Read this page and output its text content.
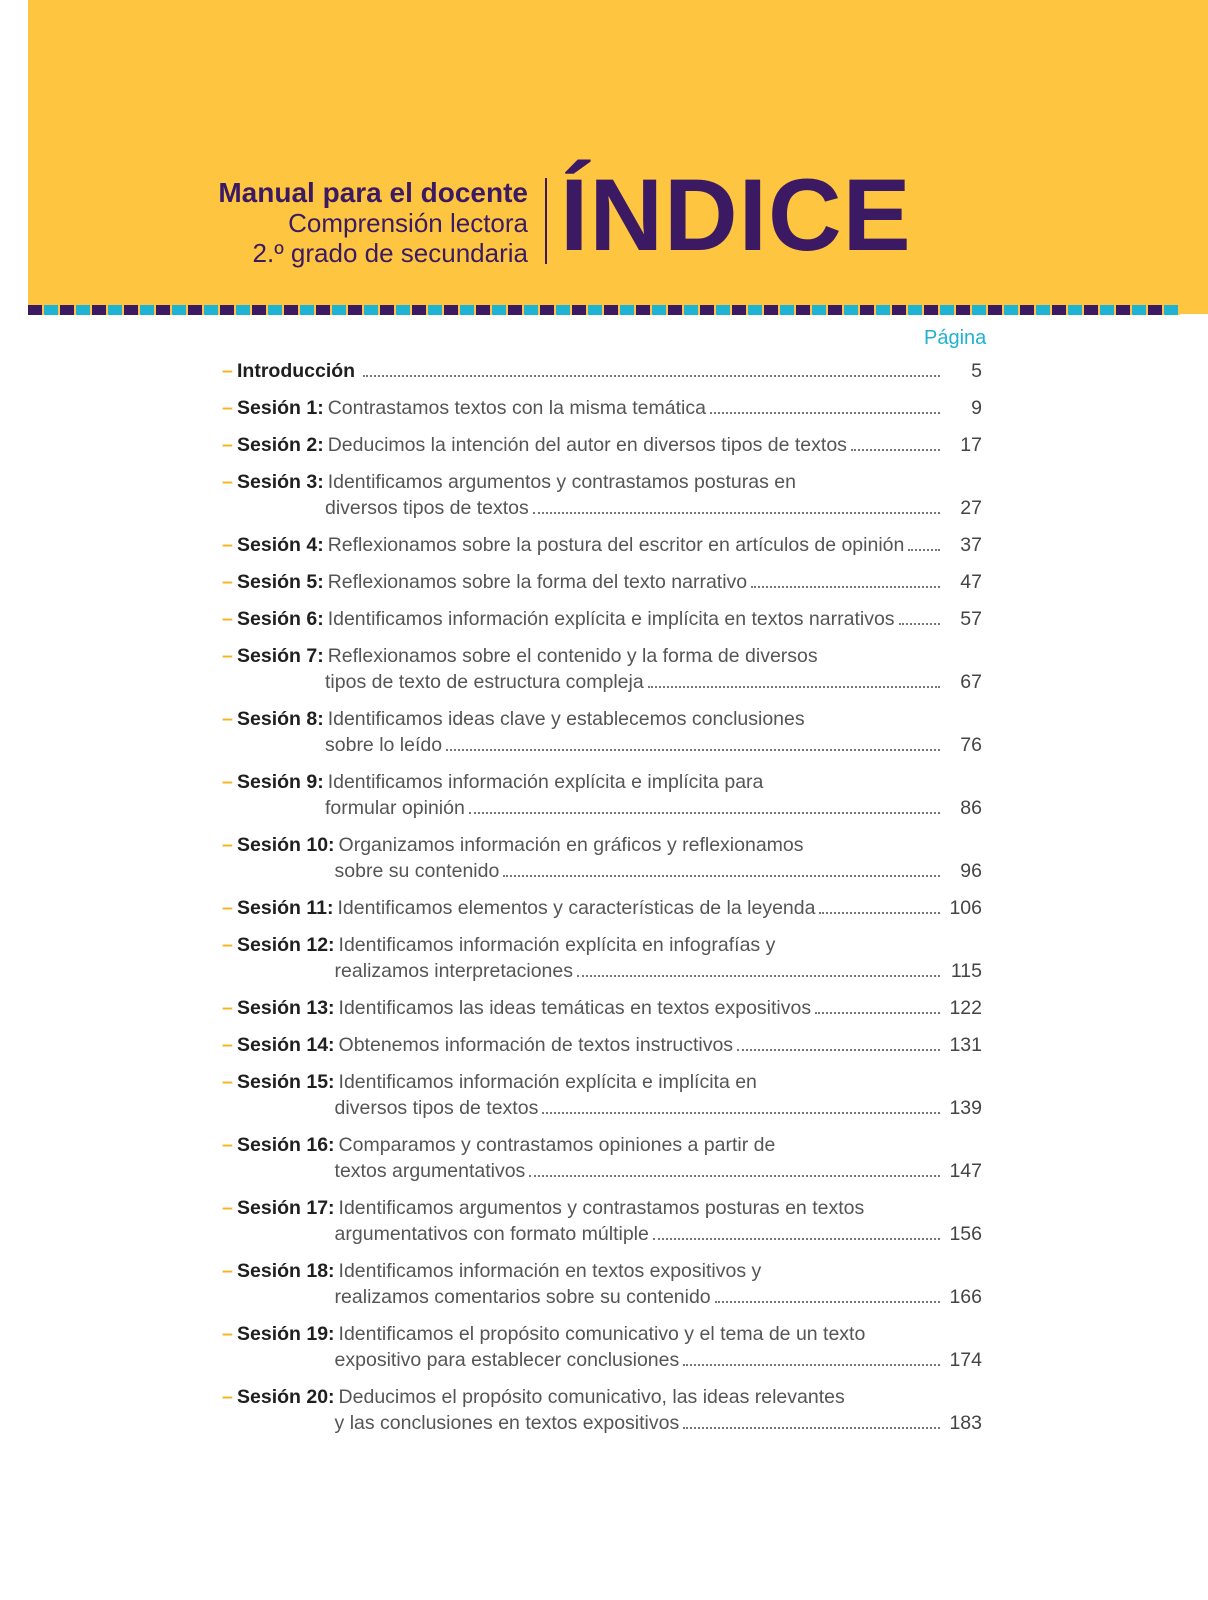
Manual para el docente
Comprensión lectora
2.º grado de secundaria ÍNDICE
Página
– Introducción	5
– Sesión 1: Contrastamos textos con la misma temática	9
– Sesión 2: Deducimos la intención del autor en diversos tipos de textos	17
– Sesión 3: Identificamos argumentos y contrastamos posturas en
diversos tipos de textos	27
– Sesión 4: Reflexionamos sobre la postura del escritor en artículos de opinión	37
– Sesión 5: Reflexionamos sobre la forma del texto narrativo	47
– Sesión 6: Identificamos información explícita e implícita en textos narrativos	57
– Sesión 7: Reflexionamos sobre el contenido y la forma de diversos
tipos de texto de estructura compleja	67
– Sesión 8: Identificamos ideas clave y establecemos conclusiones
sobre lo leído	76
– Sesión 9: Identificamos información explícita e implícita para
formular opinión	86
– Sesión 10: Organizamos información en gráficos y reflexionamos
sobre su contenido	96
– Sesión 11: Identificamos elementos y características de la leyenda	106
– Sesión 12: Identificamos información explícita en infografías y
realizamos interpretaciones	115
– Sesión 13: Identificamos las ideas temáticas en textos expositivos	122
– Sesión 14: Obtenemos información de textos instructivos	131
– Sesión 15: Identificamos información explícita e implícita en
diversos tipos de textos	139
– Sesión 16: Comparamos y contrastamos opiniones a partir de
textos argumentativos	147
– Sesión 17: Identificamos argumentos y contrastamos posturas en textos
argumentativos con formato múltiple	156
– Sesión 18: Identificamos información en textos expositivos y
realizamos comentarios sobre su contenido	166
– Sesión 19: Identificamos el propósito comunicativo y el tema de un texto
expositivo para establecer conclusiones	174
– Sesión 20: Deducimos el propósito comunicativo, las ideas relevantes
y las conclusiones en textos expositivos	183
